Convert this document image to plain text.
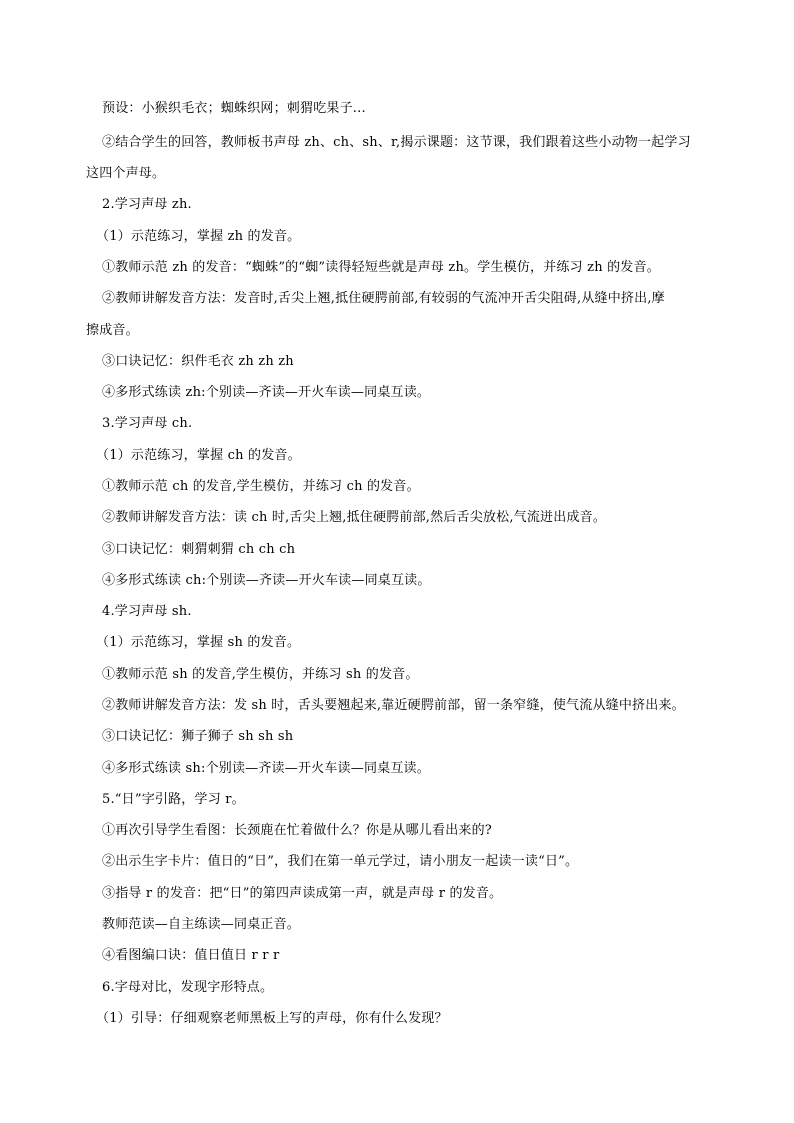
预设：小猴织毛衣；蜘蛛织网；刺猬吃果子...
②结合学生的回答，教师板书声母 zh、ch、sh、r,揭示课题：这节课，我们跟着这些小动物一起学习
这四个声母。
2.学习声母 zh.
（1）示范练习，掌握 zh 的发音。
①教师示范 zh 的发音：“蜘蛛”的“蜘”读得轻短些就是声母 zh。学生模仿，并练习 zh 的发音。
②教师讲解发音方法：发音时,舌尖上翘,抵住硬腭前部,有较弱的气流冲开舌尖阻碍,从缝中挤出,摩
擦成音。
③口诀记忆：织件毛衣 zh zh zh
④多形式练读 zh:个别读—齐读—开火车读—同桌互读。
3.学习声母 ch.
（1）示范练习，掌握 ch 的发音。
①教师示范 ch 的发音,学生模仿，并练习 ch 的发音。
②教师讲解发音方法：读 ch 时,舌尖上翘,抵住硬腭前部,然后舌尖放松,气流迸出成音。
③口诀记忆：刺猬刺猬 ch ch ch
④多形式练读 ch:个别读—齐读—开火车读—同桌互读。
4.学习声母 sh.
（1）示范练习，掌握 sh 的发音。
①教师示范 sh 的发音,学生模仿，并练习 sh 的发音。
②教师讲解发音方法：发 sh 时，舌头要翘起来,靠近硬腭前部，留一条窄缝，使气流从缝中挤出来。
③口诀记忆：狮子狮子 sh sh sh
④多形式练读 sh:个别读—齐读—开火车读—同桌互读。
5.“日”字引路，学习 r。
①再次引导学生看图：长颈鹿在忙着做什么？你是从哪儿看出来的?
②出示生字卡片：值日的“日”，我们在第一单元学过，请小朋友一起读一读“日”。
③指导 r 的发音：把“日”的第四声读成第一声，就是声母 r 的发音。
教师范读—自主练读—同桌正音。
④看图编口诀：值日值日 r r r
6.字母对比，发现字形特点。
（1）引导：仔细观察老师黑板上写的声母，你有什么发现？
